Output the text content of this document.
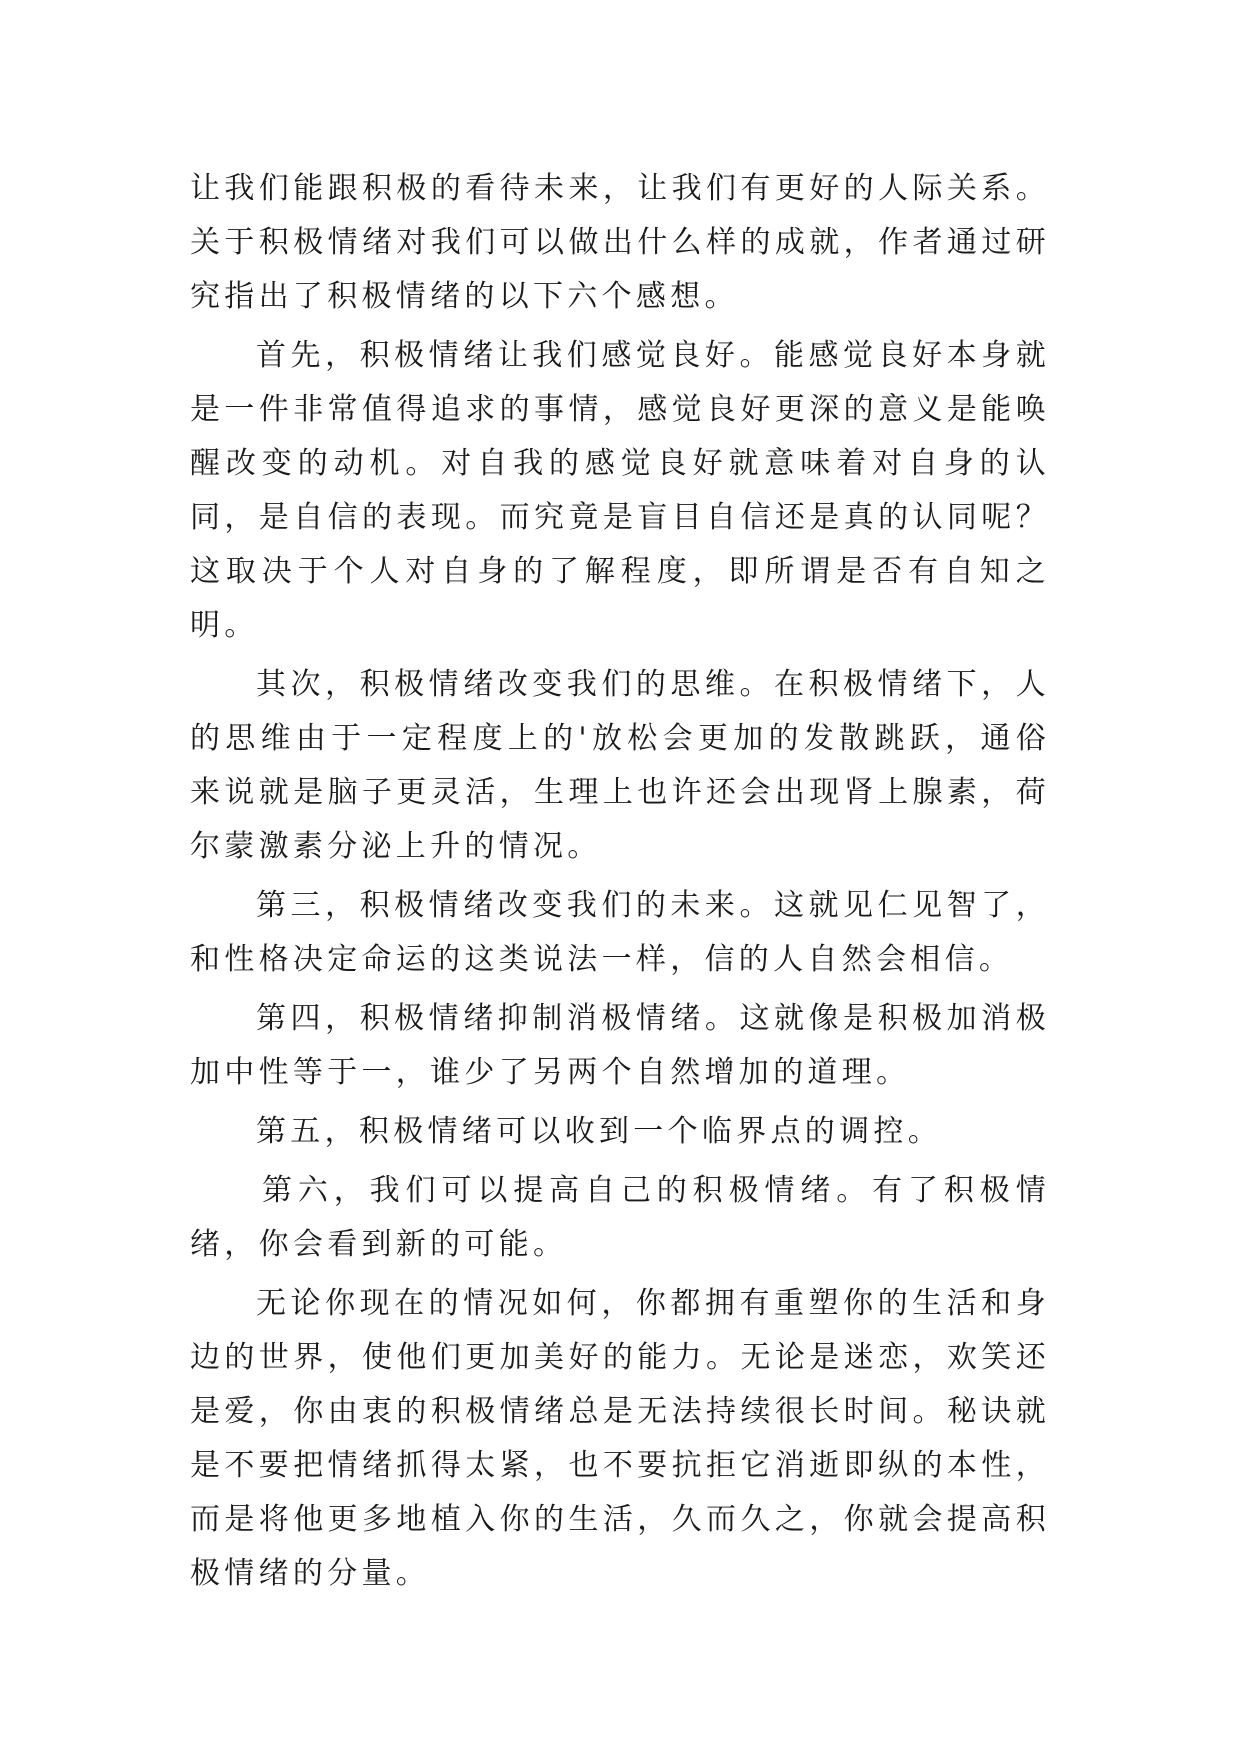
让我们能跟积极的看待未来，让我们有更好的人际关系。关于积极情绪对我们可以做出什么样的成就，作者通过研究指出了积极情绪的以下六个感想。

首先，积极情绪让我们感觉良好。能感觉良好本身就是一件非常值得追求的事情，感觉良好更深的意义是能唤醒改变的动机。对自我的感觉良好就意味着对自身的认同，是自信的表现。而究竟是盲目自信还是真的认同呢？这取决于个人对自身的了解程度，即所谓是否有自知之明。

其次，积极情绪改变我们的思维。在积极情绪下，人的思维由于一定程度上的'放松会更加的发散跳跃，通俗来说就是脑子更灵活，生理上也许还会出现肾上腺素，荷尔蒙激素分泌上升的情况。

第三，积极情绪改变我们的未来。这就见仁见智了，和性格决定命运的这类说法一样，信的人自然会相信。

第四，积极情绪抑制消极情绪。这就像是积极加消极加中性等于一，谁少了另两个自然增加的道理。

第五，积极情绪可以收到一个临界点的调控。

第六，我们可以提高自己的积极情绪。有了积极情绪，你会看到新的可能。

无论你现在的情况如何，你都拥有重塑你的生活和身边的世界，使他们更加美好的能力。无论是迷恋，欢笑还是爱，你由衷的积极情绪总是无法持续很长时间。秘诀就是不要把情绪抓得太紧，也不要抗拒它消逝即纵的本性，而是将他更多地植入你的生活，久而久之，你就会提高积极情绪的分量。
